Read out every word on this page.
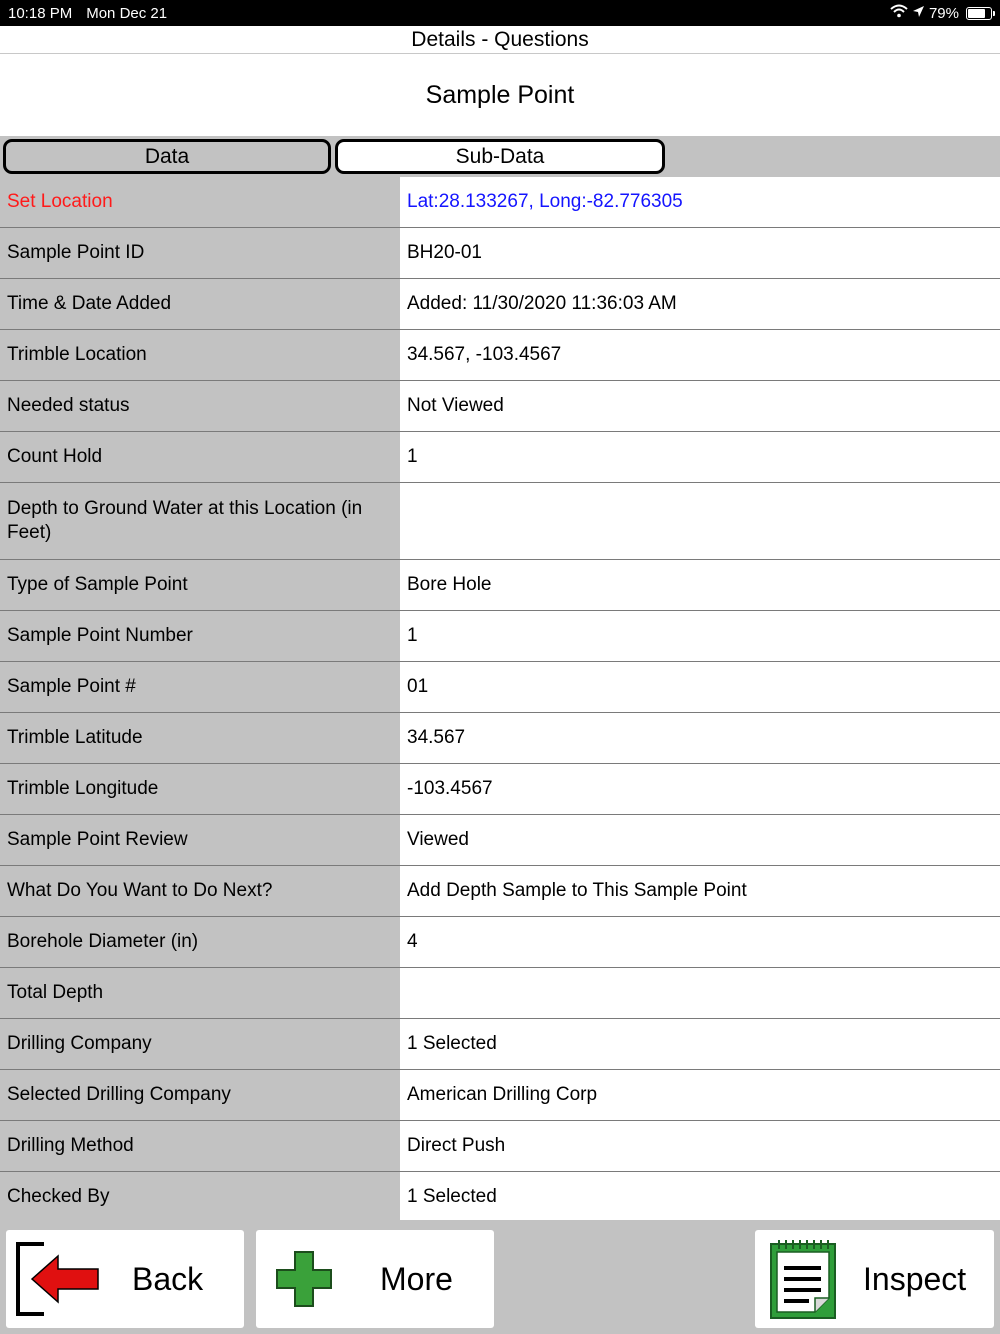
10:18 PM Mon Dec 21	79%
Details - Questions
Sample Point
Data	Sub-Data
Set Location	Lat:28.133267, Long:-82.776305
Sample Point ID	BH20-01
Time & Date Added	Added: 11/30/2020 11:36:03 AM
Trimble Location	34.567, -103.4567
Needed status	Not Viewed
Count Hold	1
Depth to Ground Water at this Location (in Feet)
Type of Sample Point	Bore Hole
Sample Point Number	1
Sample Point #	01
Trimble Latitude	34.567
Trimble Longitude	-103.4567
Sample Point Review	Viewed
What Do You Want to Do Next?	Add Depth Sample to This Sample Point
Borehole Diameter (in)	4
Total Depth
Drilling Company	1 Selected
Selected Drilling Company	American Drilling Corp
Drilling Method	Direct Push
Checked By	1 Selected
Back	More	Inspect
